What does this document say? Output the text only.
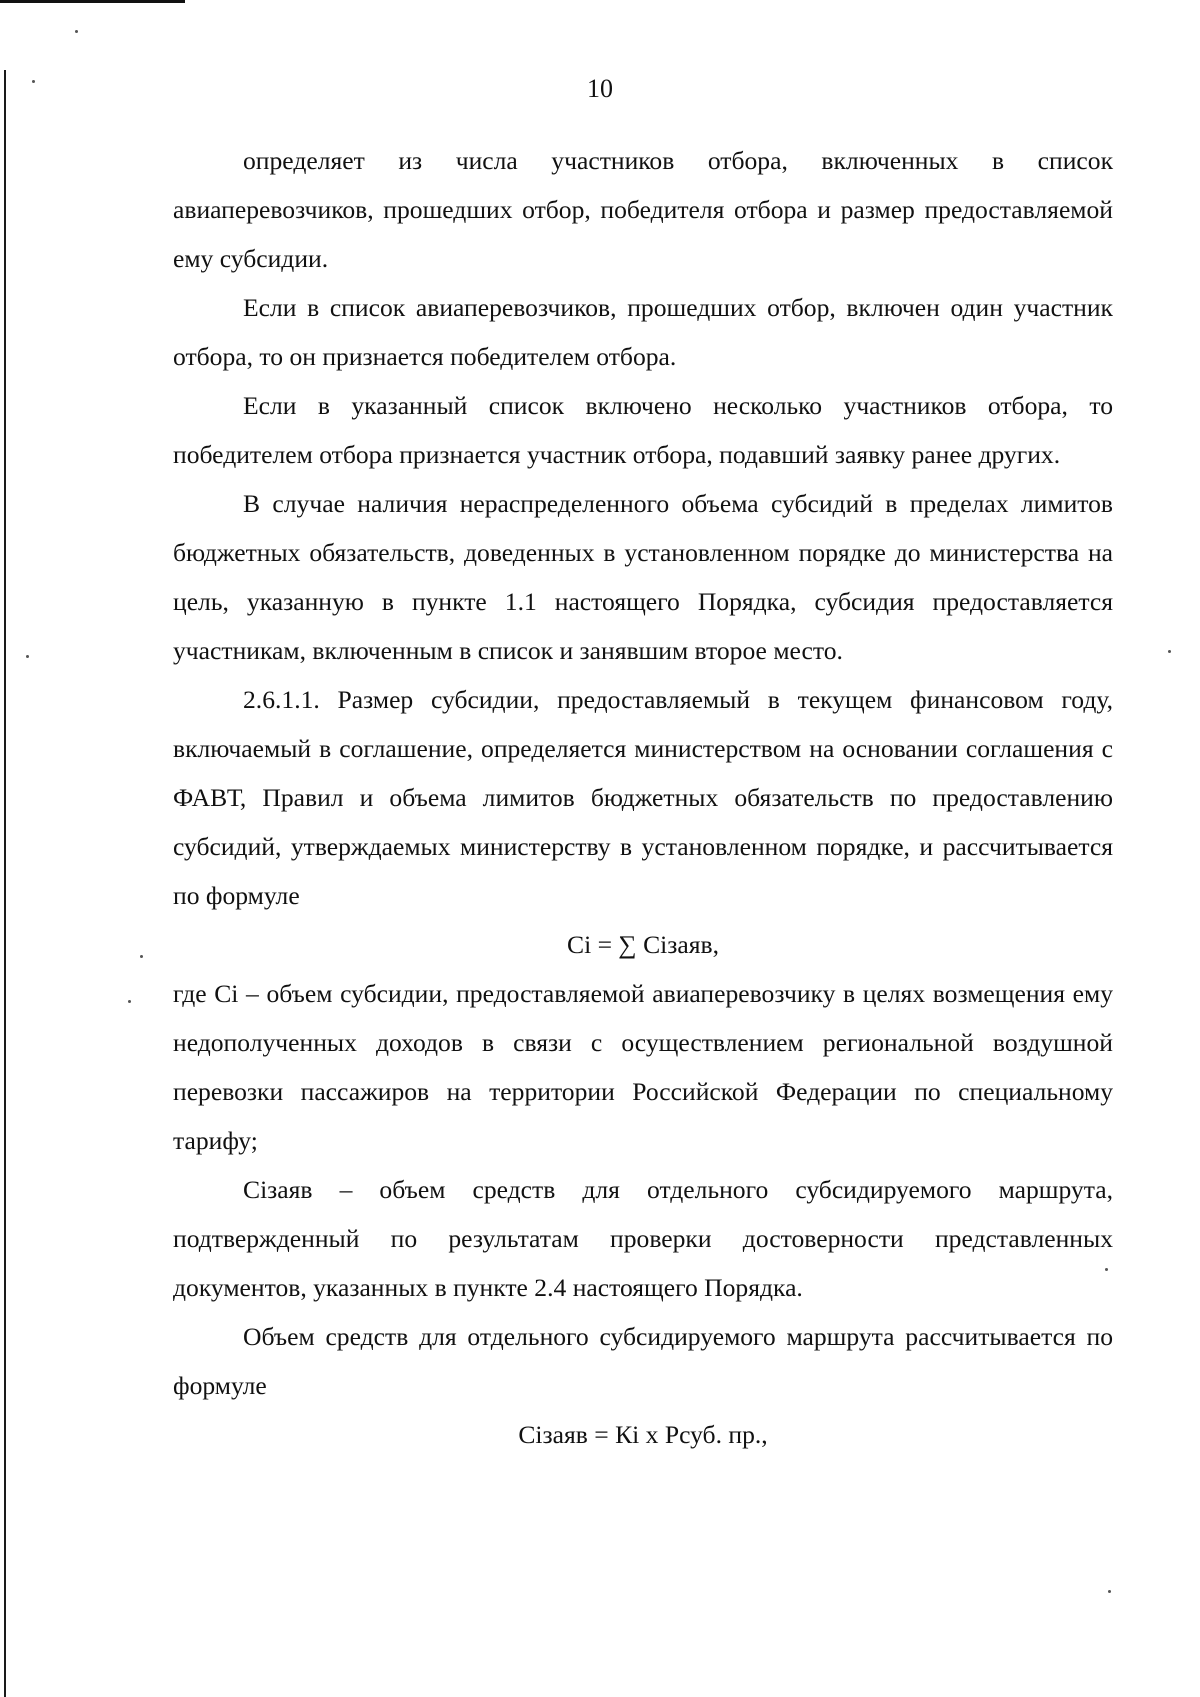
10

определяет из числа участников отбора, включенных в список авиаперевозчиков, прошедших отбор, победителя отбора и размер предоставляемой ему субсидии.

Если в список авиаперевозчиков, прошедших отбор, включен один участник отбора, то он признается победителем отбора.

Если в указанный список включено несколько участников отбора, то победителем отбора признается участник отбора, подавший заявку ранее других.

В случае наличия нераспределенного объема субсидий в пределах лимитов бюджетных обязательств, доведенных в установленном порядке до министерства на цель, указанную в пункте 1.1 настоящего Порядка, субсидия предоставляется участникам, включенным в список и занявшим второе место.

2.6.1.1. Размер субсидии, предоставляемый в текущем финансовом году, включаемый в соглашение, определяется министерством на основании соглашения с ФАВТ, Правил и объема лимитов бюджетных обязательств по предоставлению субсидий, утверждаемых министерству в установленном порядке, и рассчитывается по формуле

Ci = ∑ Сiзаяв,

где Ci – объем субсидии, предоставляемой авиаперевозчику в целях возмещения ему недополученных доходов в связи с осуществлением региональной воздушной перевозки пассажиров на территории Российской Федерации по специальному тарифу;

Сiзаяв – объем средств для отдельного субсидируемого маршрута, подтвержденный по результатам проверки достоверности представленных документов, указанных в пункте 2.4 настоящего Порядка.

Объем средств для отдельного субсидируемого маршрута рассчитывается по формуле

Сiзаяв = Кi х Рсуб. пр.,
